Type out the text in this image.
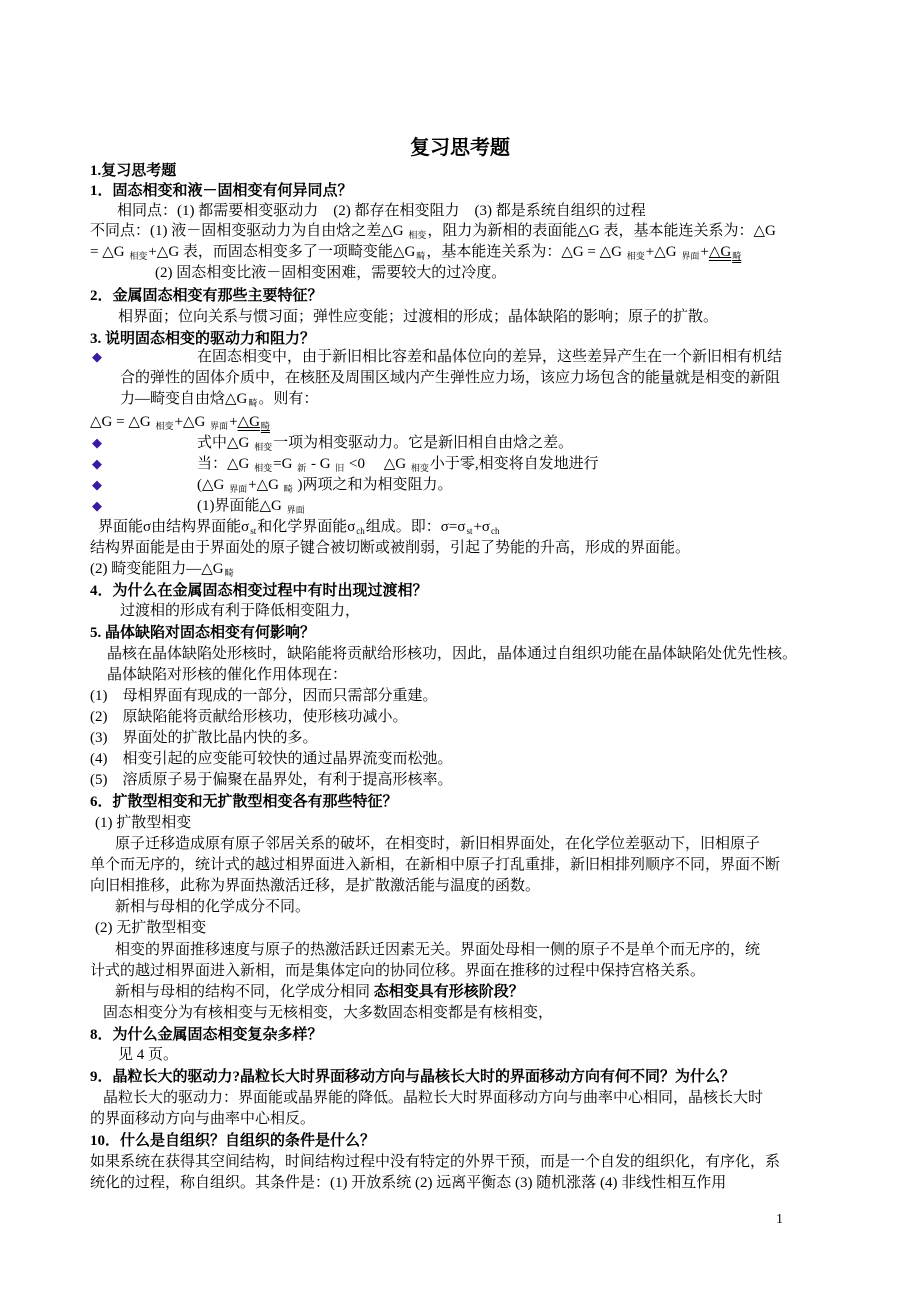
复习思考题
1.复习思考题
1．固态相变和液－固相变有何异同点？
相同点：(1) 都需要相变驱动力　(2) 都存在相变阻力　(3) 都是系统自组织的过程
不同点：(1) 液－固相变驱动力为自由焓之差△G $_{相变}$，阻力为新相的表面能△G 表，基本能连关系为：△G
= △G $_{相变}$+△G 表，而固态相变多了一项畸变能$\triangle G_畸$，基本能连关系为：△G = △G $_{相变}$+△G $_{界面}+\triangle G_畸$
(2) 固态相变比液－固相变困难，需要较大的过冷度。
2．金属固态相变有那些主要特征？
相界面；位向关系与惯习面；弹性应变能；过渡相的形成；晶体缺陷的影响；原子的扩散。
3. 说明固态相变的驱动力和阻力？
◆	在固态相变中，由于新旧相比容差和晶体位向的差异，这些差异产生在一个新旧相有机结
合的弹性的固体介质中，在核胚及周围区域内产生弹性应力场，该应力场包含的能量就是相变的新阻
力—畸变自由焓$\triangle G_畸$。则有：
△G = △G $_{相变}$+△G $_{界面}+\triangle G_畸$
◆	式中△G $_{相变}$一项为相变驱动力。它是新旧相自由焓之差。
◆	当：△G $_{相变}$=G $_新$ - G $_旧$ <0　 △G $_{相变}$小于零,相变将自发地进行
◆	(△G $_{界面}$+△G $_畸$ )两项之和为相变阻力。
◆	(1)界面能△G $_{界面}$
界面能σ由结构界面能$\sigma_{st}$和化学界面能$\sigma_{ch}$组成。即：$\sigma=\sigma_{st}+\sigma_{ch}$
结构界面能是由于界面处的原子键合被切断或被削弱，引起了势能的升高，形成的界面能。
(2) 畸变能阻力$—\triangle G_畸$
4．为什么在金属固态相变过程中有时出现过渡相？
过渡相的形成有利于降低相变阻力，
5. 晶体缺陷对固态相变有何影响？
晶核在晶体缺陷处形核时，缺陷能将贡献给形核功，因此，晶体通过自组织功能在晶体缺陷处优先性核。
晶体缺陷对形核的催化作用体现在：
(1)　母相界面有现成的一部分，因而只需部分重建。
(2)　原缺陷能将贡献给形核功，使形核功减小。
(3)　界面处的扩散比晶内快的多。
(4)　相变引起的应变能可较快的通过晶界流变而松弛。
(5)　溶质原子易于偏聚在晶界处，有利于提高形核率。
6．扩散型相变和无扩散型相变各有那些特征？
(1) 扩散型相变
原子迁移造成原有原子邻居关系的破坏，在相变时，新旧相界面处，在化学位差驱动下，旧相原子
单个而无序的，统计式的越过相界面进入新相，在新相中原子打乱重排，新旧相排列顺序不同，界面不断
向旧相推移，此称为界面热激活迁移，是扩散激活能与温度的函数。
新相与母相的化学成分不同。
(2) 无扩散型相变
相变的界面推移速度与原子的热激活跃迁因素无关。界面处母相一侧的原子不是单个而无序的，统
计式的越过相界面进入新相，而是集体定向的协同位移。界面在推移的过程中保持宫格关系。
新相与母相的结构不同，化学成分相同 态相变具有形核阶段？
固态相变分为有核相变与无核相变，大多数固态相变都是有核相变，
8．为什么金属固态相变复杂多样？
见 4 页。
9．晶粒长大的驱动力?晶粒长大时界面移动方向与晶核长大时的界面移动方向有何不同？为什么？
晶粒长大的驱动力：界面能或晶界能的降低。晶粒长大时界面移动方向与曲率中心相同，晶核长大时
的界面移动方向与曲率中心相反。
10．什么是自组织？自组织的条件是什么？
如果系统在获得其空间结构，时间结构过程中没有特定的外界干预，而是一个自发的组织化，有序化，系
统化的过程，称自组织。其条件是：(1) 开放系统 (2) 远离平衡态 (3) 随机涨落 (4) 非线性相互作用
1
